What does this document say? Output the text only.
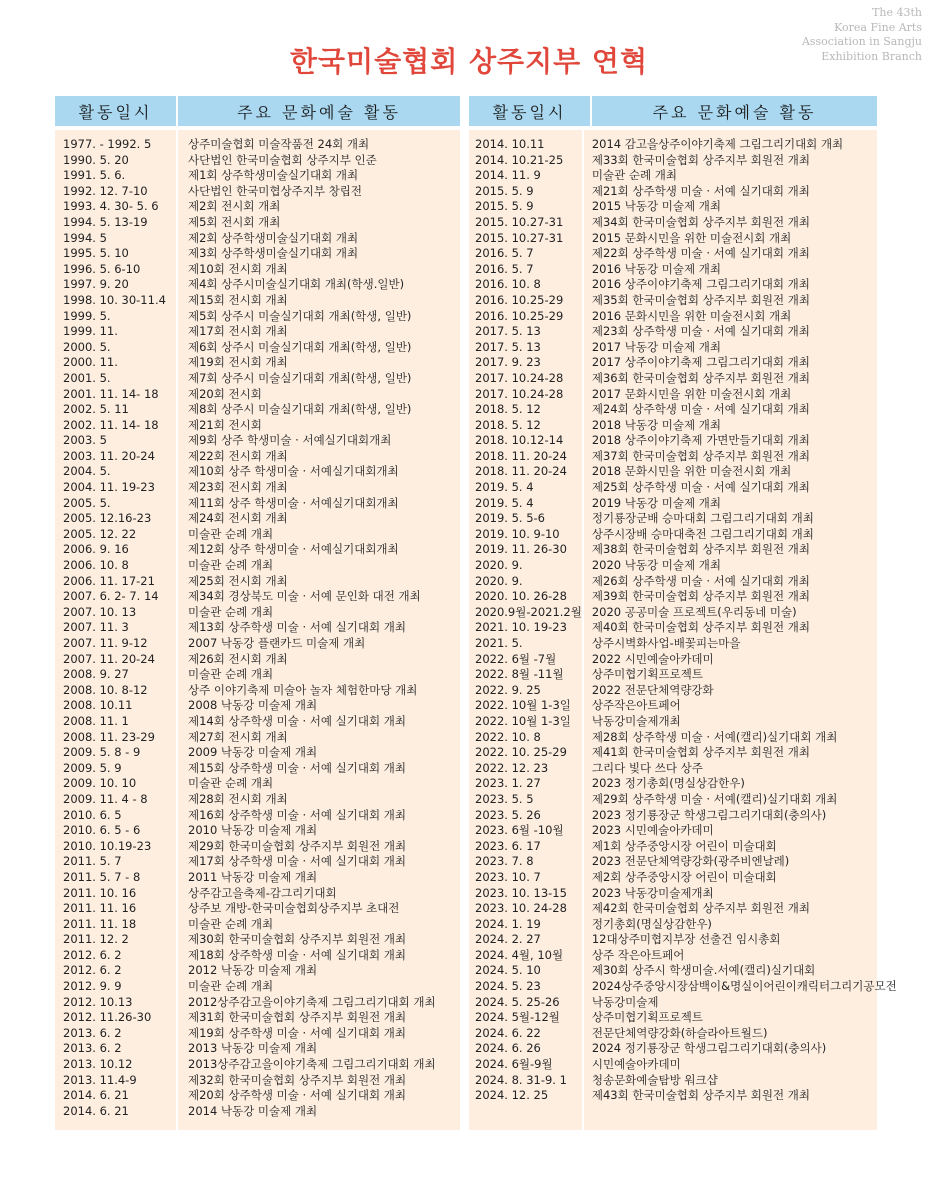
The 43th
Korea Fine Arts
Association in Sangju
Exhibition Branch
한국미술협회 상주지부 연혁
활동일시	주요 문화예술 활동
1977. - 1992. 5
1990. 5. 20
1991. 5. 6.
1992. 12. 7-10
1993. 4. 30- 5. 6
1994. 5. 13-19
1994. 5
1995. 5. 10
1996. 5. 6-10
1997. 9. 20
1998. 10. 30-11.4
1999. 5.
1999. 11.
2000. 5.
2000. 11.
2001. 5.
2001. 11. 14- 18
2002. 5. 11
2002. 11. 14- 18
2003. 5
2003. 11. 20-24
2004. 5.
2004. 11. 19-23
2005. 5.
2005. 12.16-23
2005. 12. 22
2006. 9. 16
2006. 10. 8
2006. 11. 17-21
2007. 6. 2- 7. 14
2007. 10. 13
2007. 11. 3
2007. 11. 9-12
2007. 11. 20-24
2008. 9. 27
2008. 10. 8-12
2008. 10.11
2008. 11. 1
2008. 11. 23-29
2009. 5. 8 - 9
2009. 5. 9
2009. 10. 10
2009. 11. 4 - 8
2010. 6. 5
2010. 6. 5 - 6
2010. 10.19-23
2011. 5. 7
2011. 5. 7 - 8
2011. 10. 16
2011. 11. 16
2011. 11. 18
2011. 12. 2
2012. 6. 2
2012. 6. 2
2012. 9. 9
2012. 10.13
2012. 11.26-30
2013. 6. 2
2013. 6. 2
2013. 10.12
2013. 11.4-9
2014. 6. 21
2014. 6. 21
상주미술협회 미술작품전 24회 개최
사단법인 한국미술협회 상주지부 인준
제1회 상주학생미술실기대회 개최
사단법인 한국미협상주지부 창립전
제2회 전시회 개최
제5회 전시회 개최
제2회 상주학생미술실기대회 개최
제3회 상주학생미술실기대회 개최
제10회 전시회 개최
제4회 상주시미술실기대회 개최(학생.일반)
제15회 전시회 개최
제5회 상주시 미술실기대회 개최(학생, 일반)
제17회 전시회 개최
제6회 상주시 미술실기대회 개최(학생, 일반)
제19회 전시회 개최
제7회 상주시 미술실기대회 개최(학생, 일반)
제20회 전시회
제8회 상주시 미술실기대회 개최(학생, 일반)
제21회 전시회
제9회 상주 학생미술 · 서예실기대회개최
제22회 전시회 개최
제10회 상주 학생미술 · 서예실기대회개최
제23회 전시회 개최
제11회 상주 학생미술 · 서예실기대회개최
제24회 전시회 개최
미술관 순례 개최
제12회 상주 학생미술 · 서예실기대회개최
미술관 순례 개최
제25회 전시회 개최
제34회 경상북도 미술 · 서예 문인화 대전 개최
미술관 순례 개최
제13회 상주학생 미술 · 서예 실기대회 개최
2007 낙동강 플랜카드 미술제 개최
제26회 전시회 개최
미술관 순례 개최
상주 이야기축제 미술아 놀자 체험한마당 개최
2008 낙동강 미술제 개최
제14회 상주학생 미술 · 서예 실기대회 개최
제27회 전시회 개최
2009 낙동강 미술제 개최
제15회 상주학생 미술 · 서예 실기대회 개최
미술관 순례 개최
제28회 전시회 개최
제16회 상주학생 미술 · 서예 실기대회 개최
2010 낙동강 미술제 개최
제29회 한국미술협회 상주지부 회원전 개최
제17회 상주학생 미술 · 서예 실기대회 개최
2011 낙동강 미술제 개최
상주감고을축제-감그리기대회
상주보 개방-한국미술협회상주지부 초대전
미술관 순례 개최
제30회 한국미술협회 상주지부 회원전 개최
제18회 상주학생 미술 · 서예 실기대회 개최
2012 낙동강 미술제 개최
미술관 순례 개최
2012상주감고을이야기축제 그림그리기대회 개최
제31회 한국미술협회 상주지부 회원전 개최
제19회 상주학생 미술 · 서예 실기대회 개최
2013 낙동강 미술제 개최
2013상주감고을이야기축제 그림그리기대회 개최
제32회 한국미술협회 상주지부 회원전 개최
제20회 상주학생 미술 · 서예 실기대회 개최
2014 낙동강 미술제 개최
활동일시	주요 문화예술 활동
2014. 10.11
2014. 10.21-25
2014. 11. 9
2015. 5. 9
2015. 5. 9
2015. 10.27-31
2015. 10.27-31
2016. 5. 7
2016. 5. 7
2016. 10. 8
2016. 10.25-29
2016. 10.25-29
2017. 5. 13
2017. 5. 13
2017. 9. 23
2017. 10.24-28
2017. 10.24-28
2018. 5. 12
2018. 5. 12
2018. 10.12-14
2018. 11. 20-24
2018. 11. 20-24
2019. 5. 4
2019. 5. 4
2019. 5. 5-6
2019. 10. 9-10
2019. 11. 26-30
2020. 9.
2020. 9.
2020. 10. 26-28
2020.9월-2021.2월
2021. 10. 19-23
2021. 5.
2022. 6월 -7월
2022. 8월 -11월
2022. 9. 25
2022. 10월 1-3일
2022. 10월 1-3일
2022. 10. 8
2022. 10. 25-29
2022. 12. 23
2023. 1. 27
2023. 5. 5
2023. 5. 26
2023. 6월 -10월
2023. 6. 17
2023. 7. 8
2023. 10. 7
2023. 10. 13-15
2023. 10. 24-28
2024. 1. 19
2024. 2. 27
2024. 4월, 10월
2024. 5. 10
2024. 5. 23
2024. 5. 25-26
2024. 5월-12월
2024. 6. 22
2024. 6. 26
2024. 6월-9월
2024. 8. 31-9. 1
2024. 12. 25
2014 감고을상주이야기축제 그림그리기대회 개최
제33회 한국미술협회 상주지부 회원전 개최
미술관 순례 개최
제21회 상주학생 미술 · 서예 실기대회 개최
2015 낙동강 미술제 개최
제34회 한국미술협회 상주지부 회원전 개최
2015 문화시민을 위한 미술전시회 개최
제22회 상주학생 미술 · 서예 실기대회 개최
2016 낙동강 미술제 개최
2016 상주이야기축제 그림그리기대회 개최
제35회 한국미술협회 상주지부 회원전 개최
2016 문화시민을 위한 미술전시회 개최
제23회 상주학생 미술 · 서예 실기대회 개최
2017 낙동강 미술제 개최
2017 상주이야기축제 그림그리기대회 개최
제36회 한국미술협회 상주지부 회원전 개최
2017 문화시민을 위한 미술전시회 개최
제24회 상주학생 미술 · 서예 실기대회 개최
2018 낙동강 미술제 개최
2018 상주이야기축제 가면만들기대회 개최
제37회 한국미술협회 상주지부 회원전 개최
2018 문화시민을 위한 미술전시회 개최
제25회 상주학생 미술 · 서예 실기대회 개최
2019 낙동강 미술제 개최
정기룡장군배 승마대회 그림그리기대회 개최
상주시장배 승마대축전 그림그리기대회 개최
제38회 한국미술협회 상주지부 회원전 개최
2020 낙동강 미술제 개최
제26회 상주학생 미술 · 서예 실기대회 개최
제39회 한국미술협회 상주지부 회원전 개최
2020 공공미술 프로젝트(우리동네 미술)
제40회 한국미술협회 상주지부 회원전 개최
상주시벽화사업-배꽃피는마을
2022 시민예술아카데미
상주미협기획프로젝트
2022 전문단체역량강화
상주작은아트페어
낙동강미술제개최
제28회 상주학생 미술 · 서예(캘리)실기대회 개최
제41회 한국미술협회 상주지부 회원전 개최
그리다 빛다 쓰다 상주
2023 정기총회(명실상감한우)
제29회 상주학생 미술 · 서예(캘리)실기대회 개최
2023 정기룡장군 학생그림그리기대회(충의사)
2023 시민예술아카데미
제1회 상주중앙시장 어린이 미술대회
2023 전문단체역량강화(광주비엔날레)
제2회 상주중앙시장 어린이 미술대회
2023 낙동강미술제개최
제42회 한국미술협회 상주지부 회원전 개최
정기총회(명실상감한우)
12대상주미협지부장 선출건 임시총회
상주 작은아트페어
제30회 상주시 학생미술.서예(캘리)실기대회
2024상주중앙시장삼백이&명실이어린이캐릭터그리기공모전
낙동강미술제
상주미협기획프로젝트
전문단체역량강화(하슬라아트월드)
2024 정기룡장군 학생그림그리기대회(충의사)
시민예술아카데미
청송문화예술탐방 워크샵
제43회 한국미술협회 상주지부 회원전 개최
